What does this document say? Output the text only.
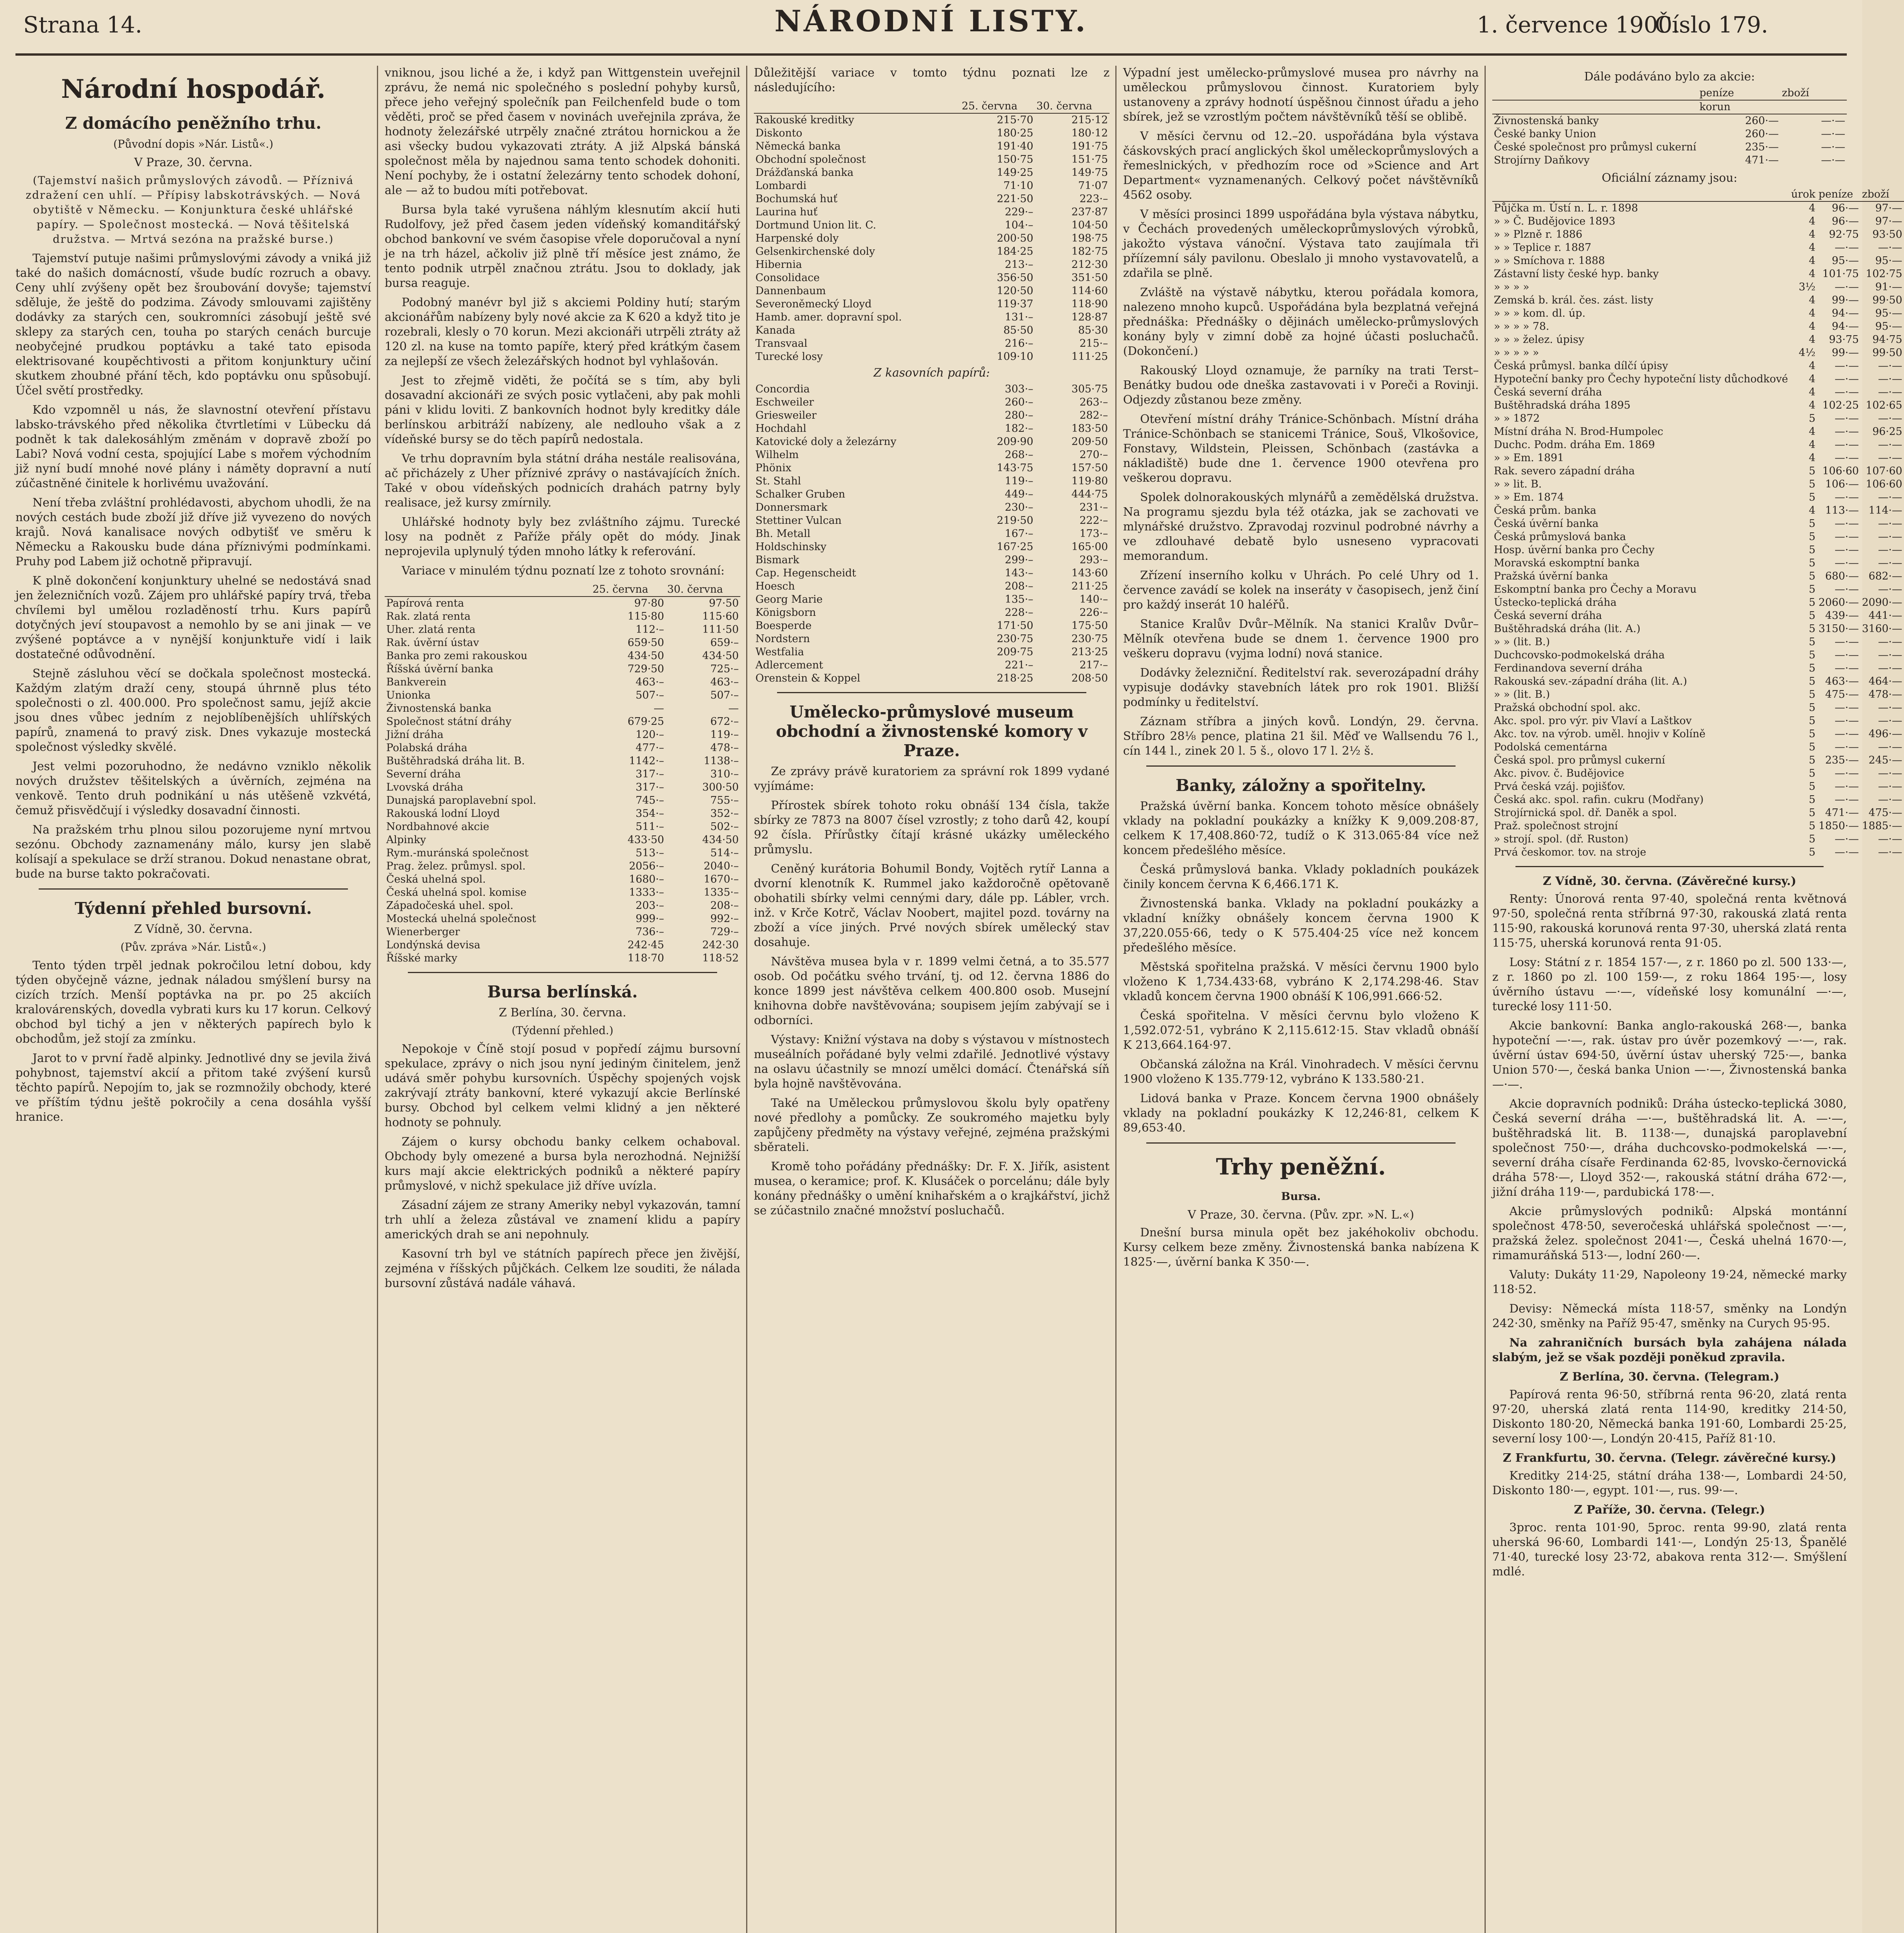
Strana 14.	NÁRODNÍ LISTY.	1. července 1900.
Číslo 179.
Národní hospodář.
Z domácího peněžního trhu.
(Původní dopis »Nár. Listů«.)
V Praze, 30. června.

(Tajemství našich průmyslových závodů. — Příznivá zdražení cen uhlí. — Přípisy labskotrávských. — Nová obytiště v Německu. — Konjunktura české uhlářské papíry. — Společnost mostecká. — Nová těšitelská družstva. — Mrtvá sezóna na pražské burse.)

Tajemství putuje našimi průmyslovými závody a vniká již také do našich domácností, všude budíc rozruch a obavy. Ceny uhlí zvýšeny opět bez šroubování dovyše; tajemství sděluje, že ještě do podzima. Závody smlouvami zajištěny dodávky za starých cen, soukromníci zásobují ještě své sklepy za starých cen, touha po starých cenách burcuje neobyčejné prudkou poptávku a také tato episoda elektrisované koupěchtivosti a přitom konjunktury učiní skutkem zhoubné přání těch, kdo poptávku onu spůsobují. Účel světí prostředky.

Kdo vzpomněl u nás, že slavnostní otevření přístavu labsko-trávského před několika čtvrtletími v Lübecku dá podnět k tak dalekosáhlým změnám v dopravě zboží po Labi? Nová vodní cesta, spojující Labe s mořem východním již nyní budí mnohé nové plány i náměty dopravní a nutí zúčastněné činitele k horlivému uvažování.

Není třeba zvláštní prohlédavosti, abychom uhodli, že na nových cestách bude zboží již dříve již vyvezeno do nových krajů. Nová kanalisace nových odbytišť ve směru k Německu a Rakousku bude dána příznivými podmínkami. Pruhy pod Labem již ochotně připravují.

K plně dokončení konjunktury uhelné se nedostává snad jen železničních vozů. Zájem pro uhlářské papíry trvá, třeba chvílemi byl umělou rozladěností trhu. Kurs papírů dotyčných jeví stoupavost a nemohlo by se ani jinak — ve zvýšené poptávce a v nynější konjunktuře vidí i laik dostatečné odůvodnění.

Stejně zásluhou věcí se dočkala společnost mostecká. Každým zlatým draží ceny, stoupá úhrnně plus této společnosti o zl. 400.000. Pro společnost samu, jejíž akcie jsou dnes vůbec jedním z nejoblíbenějších uhlířských papírů, znamená to pravý zisk. Dnes vykazuje mostecká společnost výsledky skvělé.

Jest velmi pozoruhodno, že nedávno vzniklo několik nových družstev těšitelských a úvěrních, zejména na venkově. Tento druh podnikání u nás utěšeně vzkvétá, čemuž přisvědčují i výsledky dosavadní činnosti.

Na pražském trhu plnou silou pozorujeme nyní mrtvou sezónu. Obchody zaznamenány málo, kursy jen slabě kolísají a spekulace se drží stranou. Dokud nenastane obrat, bude na burse takto pokračovati.

Týdenní přehled bursovní.
Z Vídně, 30. června.
(Pův. zpráva »Nár. Listů«.)

Tento týden trpěl jednak pokročilou letní dobou, kdy týden obyčejně vázne, jednak náladou smýšlení bursy na cizích trzích. Menší poptávka na pr. po 25 akciích kralovárenských, dovedla vybrati kurs ku 17 korun. Celkový obchod byl tichý a jen v některých papírech bylo k obchodům, jež stojí za zmínku.

Jarot to v první řadě alpinky. Jednotlivé dny se jevila živá pohybnost, tajemství akcií a přitom také zvýšení kursů těchto papírů. Nepojím to, jak se rozmnožily obchody, které ve příštím týdnu ještě pokročily a cena dosáhla vyšší hranice.

vniknou, jsou liché a že, i když pan Wittgenstein uveřejnil zprávu, že nemá nic společného s poslední pohyby kursů, přece jeho veřejný společník pan Feilchenfeld bude o tom věděti, proč se před časem v novinách uveřejnila zpráva, že hodnoty železářské utrpěly značné ztrátou hornickou a že asi všecky budou vykazovati ztráty. A již Alpská bánská společnost měla by najednou sama tento schodek dohoniti. Není pochyby, že i ostatní železárny tento schodek dohoní, ale — až to budou míti potřebovat.

Bursa byla také vyrušena náhlým klesnutím akcií huti Rudolfovy, jež před časem jeden vídeňský komanditářský obchod bankovní ve svém časopise vřele doporučoval a nyní je na trh házel, ačkoliv již plně tří měsíce jest známo, že tento podnik utrpěl značnou ztrátu. Jsou to doklady, jak bursa reaguje.

Podobný manévr byl již s akciemi Poldiny hutí; starým akcionářům nabízeny byly nové akcie za K 620 a když tito je rozebrali, klesly o 70 korun. Mezi akcionáři utrpěli ztráty až 120 zl. na kuse na tomto papíře, který před krátkým časem za nejlepší ze všech železářských hodnot byl vyhlašován.

Jest to zřejmě viděti, že počítá se s tím, aby byli dosavadní akcionáři ze svých posic vytlačeni, aby pak mohli páni v klidu loviti. Z bankovních hodnot byly kreditky dále berlínskou arbitráží nabízeny, ale nedlouho však a z vídeňské bursy se do těch papírů nedostala.

Ve trhu dopravním byla státní dráha nestále realisována, ač přicházely z Uher příznivé zprávy o nastávajících žních. Také v obou vídeňských podnicích drahách patrny byly realisace, jež kursy zmírnily.

Uhlářské hodnoty byly bez zvláštního zájmu. Turecké losy na podnět z Paříže přály opět do módy. Jinak neprojevila uplynulý týden mnoho látky k referování.

Variace v minulém týdnu poznatí lze z tohoto srovnání:

	25. června	30. června
Papírová renta	97·80	97·50
Rak. zlatá renta	115·80	115·60
Uher. zlatá renta	112·–	111·50
Rak. úvěrní ústav	659·50	659·–
Banka pro zemi rakouskou	434·50	434·50
Říšská úvěrní banka	729·50	725·–
Bankverein	463·–	463·–
Unionka	507·–	507·–
Živnostenská banka	—	—
Společnost státní dráhy	679·25	672·–
Jižní dráha	120·–	119·–
Polabská dráha	477·–	478·–
Buštěhradská dráha lit. B.	1142·–	1138·–
Severní dráha	317·–	310·–
Lvovská dráha	317·–	300·50
Dunajská paroplavební spol.	745·–	755·–
Rakouská lodní Lloyd	354·–	352·–
Nordbahnové akcie	511·–	502·–
Alpinky	433·50	434·50
Rym.-muránská společnost	513·–	514·–
Prag. želez. průmysl. spol.	2056·–	2040·–
Česká uhelná spol.	1680·–	1670·–
Česká uhelná spol. komise	1333·–	1335·–
Západočeská uhel. spol.	203·–	208·–
Mostecká uhelná společnost	999·–	992·–
Wienerberger	736·–	729·–
Londýnská devisa	242·45	242·30
Říšské marky	118·70	118·52
Bursa berlínská.
Z Berlína, 30. června.
(Týdenní přehled.)

Nepokoje v Číně stojí posud v popředí zájmu bursovní spekulace, zprávy o nich jsou nyní jediným činitelem, jenž udává směr pohybu kursovních. Úspěchy spojených vojsk zakrývají ztráty bankovní, které vykazují akcie Berlínské bursy. Obchod byl celkem velmi klidný a jen některé hodnoty se pohnuly.

Zájem o kursy obchodu banky celkem ochaboval. Obchody byly omezené a bursa byla nerozhodná. Nejnižší kurs mají akcie elektrických podniků a některé papíry průmyslové, v nichž spekulace již dříve uvízla.

Zásadní zájem ze strany Ameriky nebyl vykazován, tamní trh uhlí a železa zůstával ve znamení klidu a papíry amerických drah se ani nepohnuly.

Kasovní trh byl ve státních papírech přece jen živější, zejména v říšských půjčkách. Celkem lze souditi, že nálada bursovní zůstává nadále váhavá.

Důležitější variace v tomto týdnu poznati lze z následujícího:

	25. června	30. června
Rakouské kreditky	215·70	215·12
Diskonto	180·25	180·12
Německá banka	191·40	191·75
Obchodní společnost	150·75	151·75
Drážďanská banka	149·25	149·75
Lombardi	71·10	71·07
Bochumská huť	221·50	223·–
Laurina huť	229·–	237·87
Dortmund Union lit. C.	104·–	104·50
Harpenské doly	200·50	198·75
Gelsenkirchenské doly	184·25	182·75
Hibernia	213·–	212·30
Consolidace	356·50	351·50
Dannenbaum	120·50	114·60
Severoněmecký Lloyd	119·37	118·90
Hamb. amer. dopravní spol.	131·–	128·87
Kanada	85·50	85·30
Transvaal	216·–	215·–
Turecké losy	109·10	111·25
Z kasovních papírů:
Concordia	303·–	305·75
Eschweiler	260·–	263·–
Griesweiler	280·–	282·–
Hochdahl	182·–	183·50
Katovické doly a železárny	209·90	209·50
Wilhelm	268·–	270·–
Phönix	143·75	157·50
St. Stahl	119·–	119·80
Schalker Gruben	449·–	444·75
Donnersmark	230·–	231·–
Stettiner Vulcan	219·50	222·–
Bh. Metall	167·–	173·–
Holdschinsky	167·25	165·00
Bismark	299·–	293·–
Cap. Hegenscheidt	143·–	143·60
Hoesch	208·–	211·25
Georg Marie	135·–	140·–
Königsborn	228·–	226·–
Boesperde	171·50	175·50
Nordstern	230·75	230·75
Westfalia	209·75	213·25
Adlercement	221·–	217·–
Orenstein & Koppel	218·25	208·50
Umělecko-průmyslové museum obchodní a živnostenské komory v Praze.

Ze zprávy právě kuratoriem za správní rok 1899 vydané vyjímáme:

Přírostek sbírek tohoto roku obnáší 134 čísla, takže sbírky ze 7873 na 8007 čísel vzrostly; z toho darů 42, koupí 92 čísla. Přírůstky čítají krásné ukázky uměleckého průmyslu.

Ceněný kurátoria Bohumil Bondy, Vojtěch rytíř Lanna a dvorní klenotník K. Rummel jako každoročně opětovaně obohatili sbírky velmi cennými dary, dále pp. Lábler, vrch. inž. v Krče Kotrč, Václav Noobert, majitel pozd. továrny na zboží a více jiných. Prvé nových sbírek umělecký stav dosahuje.

Návštěva musea byla v r. 1899 velmi četná, a to 35.577 osob. Od počátku svého trvání, tj. od 12. června 1886 do konce 1899 jest návštěva celkem 400.800 osob. Musejní knihovna dobře navštěvována; soupisem jejím zabývají se i odborníci.

Výstavy: Knižní výstava na doby s výstavou v místnostech museálních pořádané byly velmi zdařilé. Jednotlivé výstavy na oslavu účastnily se mnozí umělci domácí. Čtenářská síň byla hojně navštěvována.

Také na Uměleckou průmyslovou školu byly opatřeny nové předlohy a pomůcky. Ze soukromého majetku byly zapůjčeny předměty na výstavy veřejné, zejména pražskými sběrateli.

Kromě toho pořádány přednášky: Dr. F. X. Jiřík, asistent musea, o keramice; prof. K. Klusáček o porcelánu; dále byly konány přednášky o umění knihařském a o krajkářství, jichž se zúčastnilo značné množství posluchačů.

Výpadní jest umělecko-průmyslové musea pro návrhy na uměleckou průmyslovou činnost. Kuratoriem byly ustanoveny a zprávy hodnotí úspěšnou činnost úřadu a jeho sbírek, jež se vzrostlým počtem návštěvníků těší se oblibě.

V měsíci červnu od 12.–20. uspořádána byla výstava čáskovských prací anglických škol uměleckoprůmyslových a řemeslnických, v předhozím roce od »Science and Art Department« vyznamenaných. Celkový počet návštěvníků 4562 osoby.

V měsíci prosinci 1899 uspořádána byla výstava nábytku, v Čechách provedených uměleckoprůmyslových výrobků, jakožto výstava vánoční. Výstava tato zaujímala tři příízemní sály pavilonu. Obeslalo ji mnoho vystavovatelů, a zdařila se plně.

Zvláště na výstavě nábytku, kterou pořádala komora, nalezeno mnoho kupců. Uspořádána byla bezplatná veřejná přednáška: Přednášky o dějinách umělecko-průmyslových konány byly v zimní době za hojné účasti posluchačů. (Dokončení.)

Rakouský Lloyd oznamuje, že parníky na trati Terst–Benátky budou ode dneška zastavovati i v Poreči a Rovinji. Odjezdy zůstanou beze změny.

Otevření místní dráhy Tránice-Schönbach. Místní dráha Tránice-Schönbach se stanicemi Tránice, Souš, Vlkošovice, Fonstavy, Wildstein, Pleissen, Schönbach (zastávka a nákladiště) bude dne 1. července 1900 otevřena pro veškerou dopravu.

Spolek dolnorakouských mlynářů a zemědělská družstva. Na programu sjezdu byla též otázka, jak se zachovati ve mlynářské družstvo. Zpravodaj rozvinul podrobné návrhy a ve zdlouhavé debatě bylo usneseno vypracovati memorandum.

Zřízení inserního kolku v Uhrách. Po celé Uhry od 1. července zavádí se kolek na inseráty v časopisech, jenž činí pro každý inserát 10 haléřů.

Stanice Kralův Dvůr–Mělník. Na stanici Kralův Dvůr–Mělník otevřena bude se dnem 1. července 1900 pro veškeru dopravu (vyjma lodní) nová stanice.

Dodávky železniční. Ředitelství rak. severozápadní dráhy vypisuje dodávky stavebních látek pro rok 1901. Bližší podmínky u ředitelství.

Záznam stříbra a jiných kovů. Londýn, 29. června. Stříbro 28⅛ pence, platina 21 šil. Měď ve Wallsendu 76 l., cín 144 l., zinek 20 l. 5 š., olovo 17 l. 2½ š.

Banky, záložny a spořitelny.

Pražská úvěrní banka. Koncem tohoto měsíce obnášely vklady na pokladní poukázky a knížky K 9,009.208·87, celkem K 17,408.860·72, tudíž o K 313.065·84 více než koncem předešlého měsíce.

Česká průmyslová banka. Vklady pokladních poukázek činily koncem června K 6,466.171 K.

Živnostenská banka. Vklady na pokladní poukázky a vkladní knížky obnášely koncem června 1900 K 37,220.055·66, tedy o K 575.404·25 více než koncem předešlého měsíce.

Městská spořitelna pražská. V měsíci červnu 1900 bylo vloženo K 1,734.433·68, vybráno K 2,174.298·46. Stav vkladů koncem června 1900 obnáší K 106,991.666·52.

Česká spořitelna. V měsíci červnu bylo vloženo K 1,592.072·51, vybráno K 2,115.612·15. Stav vkladů obnáší K 213,664.164·97.

Občanská záložna na Král. Vinohradech. V měsíci červnu 1900 vloženo K 135.779·12, vybráno K 133.580·21.

Lidová banka v Praze. Koncem června 1900 obnášely vklady na pokladní poukázky K 12,246·81, celkem K 89,653·40.

Trhy peněžní.
Bursa.
V Praze, 30. června. (Pův. zpr. »N. L.«)

Dnešní bursa minula opět bez jakéhokoliv obchodu. Kursy celkem beze změny. Živnostenská banka nabízena K 1825·—, úvěrní banka K 350·—.

Dále podáváno bylo za akcie:
	peníze	zboží
	korun	
Živnostenská banky	260·—	—·—
České banky Union	260·—	—·—
České společnost pro průmysl cukerní	235·—	—·—
Strojírny Daňkovy	471·—	—·—
Oficiální záznamy jsou:
	úrok	peníze	zboží
Půjčka m. Ústí n. L. r. 1898	4	96·—	97·—
» » Č. Budějovice 1893	4	96·—	97·—
» » Plzně r. 1886	4	92·75	93·50
» » Teplice r. 1887	4	—·—	—·—
» » Smíchova r. 1888	4	95·—	95·—
Zástavní listy české hyp. banky	4	101·75	102·75
» » » »	3½	—·—	91·—
Zemská b. král. čes. zást. listy	4	99·—	99·50
» » » kom. dl. úp.	4	94·—	95·—
» » » » 78.	4	94·—	95·—
» » » želez. úpisy	4	93·75	94·75
» » » » »	4½	99·—	99·50
Česká průmysl. banka dílčí úpisy	4	—·—	—·—
Hypoteční banky pro Čechy hypoteční listy důchodkové	4	—·—	—·—
Česká severní dráha	4	—·—	—·—
Buštěhradská dráha 1895	4	102·25	102·65
» » 1872	5	—·—	—·—
Místní dráha N. Brod-Humpolec	4	—·—	96·25
Duchc. Podm. dráha Em. 1869	4	—·—	—·—
» » Em. 1891	4	—·—	—·—
Rak. severo západní dráha	5	106·60	107·60
» » lit. B.	5	106·—	106·60
» » Em. 1874	5	—·—	—·—
Česká prům. banka	4	113·—	114·—
Česká úvěrní banka	5	—·—	—·—
Česká průmyslová banka	5	—·—	—·—
Hosp. úvěrní banka pro Čechy	5	—·—	—·—
Moravská eskomptní banka	5	—·—	—·—
Pražská úvěrní banka	5	680·—	682·—
Eskomptní banka pro Čechy a Moravu	5	—·—	—·—
Ústecko-teplická dráha	5	2060·—	2090·—
Česká severní dráha	5	439·—	441·—
Buštěhradská dráha (lit. A.)	5	3150·—	3160·—
» » (lit. B.)	5	—·—	—·—
Duchcovsko-podmokelská dráha	5	—·—	—·—
Ferdinandova severní dráha	5	—·—	—·—
Rakouská sev.-západní dráha (lit. A.)	5	463·—	464·—
» » (lit. B.)	5	475·—	478·—
Pražská obchodní spol. akc.	5	—·—	—·—
Akc. spol. pro výr. piv Vlaví a Laštkov	5	—·—	—·—
Akc. tov. na výrob. uměl. hnojiv v Kolíně	5	—·—	496·—
Podolská cementárna	5	—·—	—·—
Česká spol. pro průmysl cukerní	5	235·—	245·—
Akc. pivov. č. Budějovice	5	—·—	—·—
Prvá česká vzáj. pojišťov.	5	—·—	—·—
Česká akc. spol. rafin. cukru (Modřany)	5	—·—	—·—
Strojírnická spol. dř. Daněk a spol.	5	471·—	475·—
Praž. společnost strojní	5	1850·—	1885·—
» strojí. spol. (dř. Ruston)	5	—·—	—·—
Prvá českomor. tov. na stroje	5	—·—	—·—
Z Vídně, 30. června. (Závěrečné kursy.)

Renty: Únorová renta 97·40, společná renta květnová 97·50, společná renta stříbrná 97·30, rakouská zlatá renta 115·90, rakouská korunová renta 97·30, uherská zlatá renta 115·75, uherská korunová renta 91·05.

Losy: Státní z r. 1854 157·—, z r. 1860 po zl. 500 133·—, z r. 1860 po zl. 100 159·—, z roku 1864 195·—, losy úvěrního ústavu —·—, vídeňské losy komunální —·—, turecké losy 111·50.

Akcie bankovní: Banka anglo-rakouská 268·—, banka hypoteční —·—, rak. ústav pro úvěr pozemkový —·—, rak. úvěrní ústav 694·50, úvěrní ústav uherský 725·—, banka Union 570·—, česká banka Union —·—, Živnostenská banka —·—.

Akcie dopravních podniků: Dráha ústecko-teplická 3080, Česká severní dráha —·—, buštěhradská lit. A. —·—, buštěhradská lit. B. 1138·—, dunajská paroplavební společnost 750·—, dráha duchcovsko-podmokelská —·—, severní dráha císaře Ferdinanda 62·85, lvovsko-černovická dráha 578·—, Lloyd 352·—, rakouská státní dráha 672·—, jižní dráha 119·—, pardubická 178·—.

Akcie průmyslových podniků: Alpská montánní společnost 478·50, severočeská uhlářská společnost —·—, pražská želez. společnost 2041·—, Česká uhelná 1670·—, rimamuráňská 513·—, lodní 260·—.

Valuty: Dukáty 11·29, Napoleony 19·24, německé marky 118·52.

Devisy: Německá místa 118·57, směnky na Londýn 242·30, směnky na Paříž 95·47, směnky na Curych 95·95.

Na zahraničních bursách byla zahájena nálada slabým, jež se však později poněkud zpravila.

Z Berlína, 30. června. (Telegram.)

Papírová renta 96·50, stříbrná renta 96·20, zlatá renta 97·20, uherská zlatá renta 114·90, kreditky 214·50, Diskonto 180·20, Německá banka 191·60, Lombardi 25·25, severní losy 100·—, Londýn 20·415, Paříž 81·10.

Z Frankfurtu, 30. června. (Telegr. závěrečné kursy.)

Kreditky 214·25, státní dráha 138·—, Lombardi 24·50, Diskonto 180·—, egypt. 101·—, rus. 99·—.

Z Paříže, 30. června. (Telegr.)

3proc. renta 101·90, 5proc. renta 99·90, zlatá renta uherská 96·60, Lombardi 141·—, Londýn 25·13, Španělé 71·40, turecké losy 23·72, abakova renta 312·—. Smýšlení mdlé.
